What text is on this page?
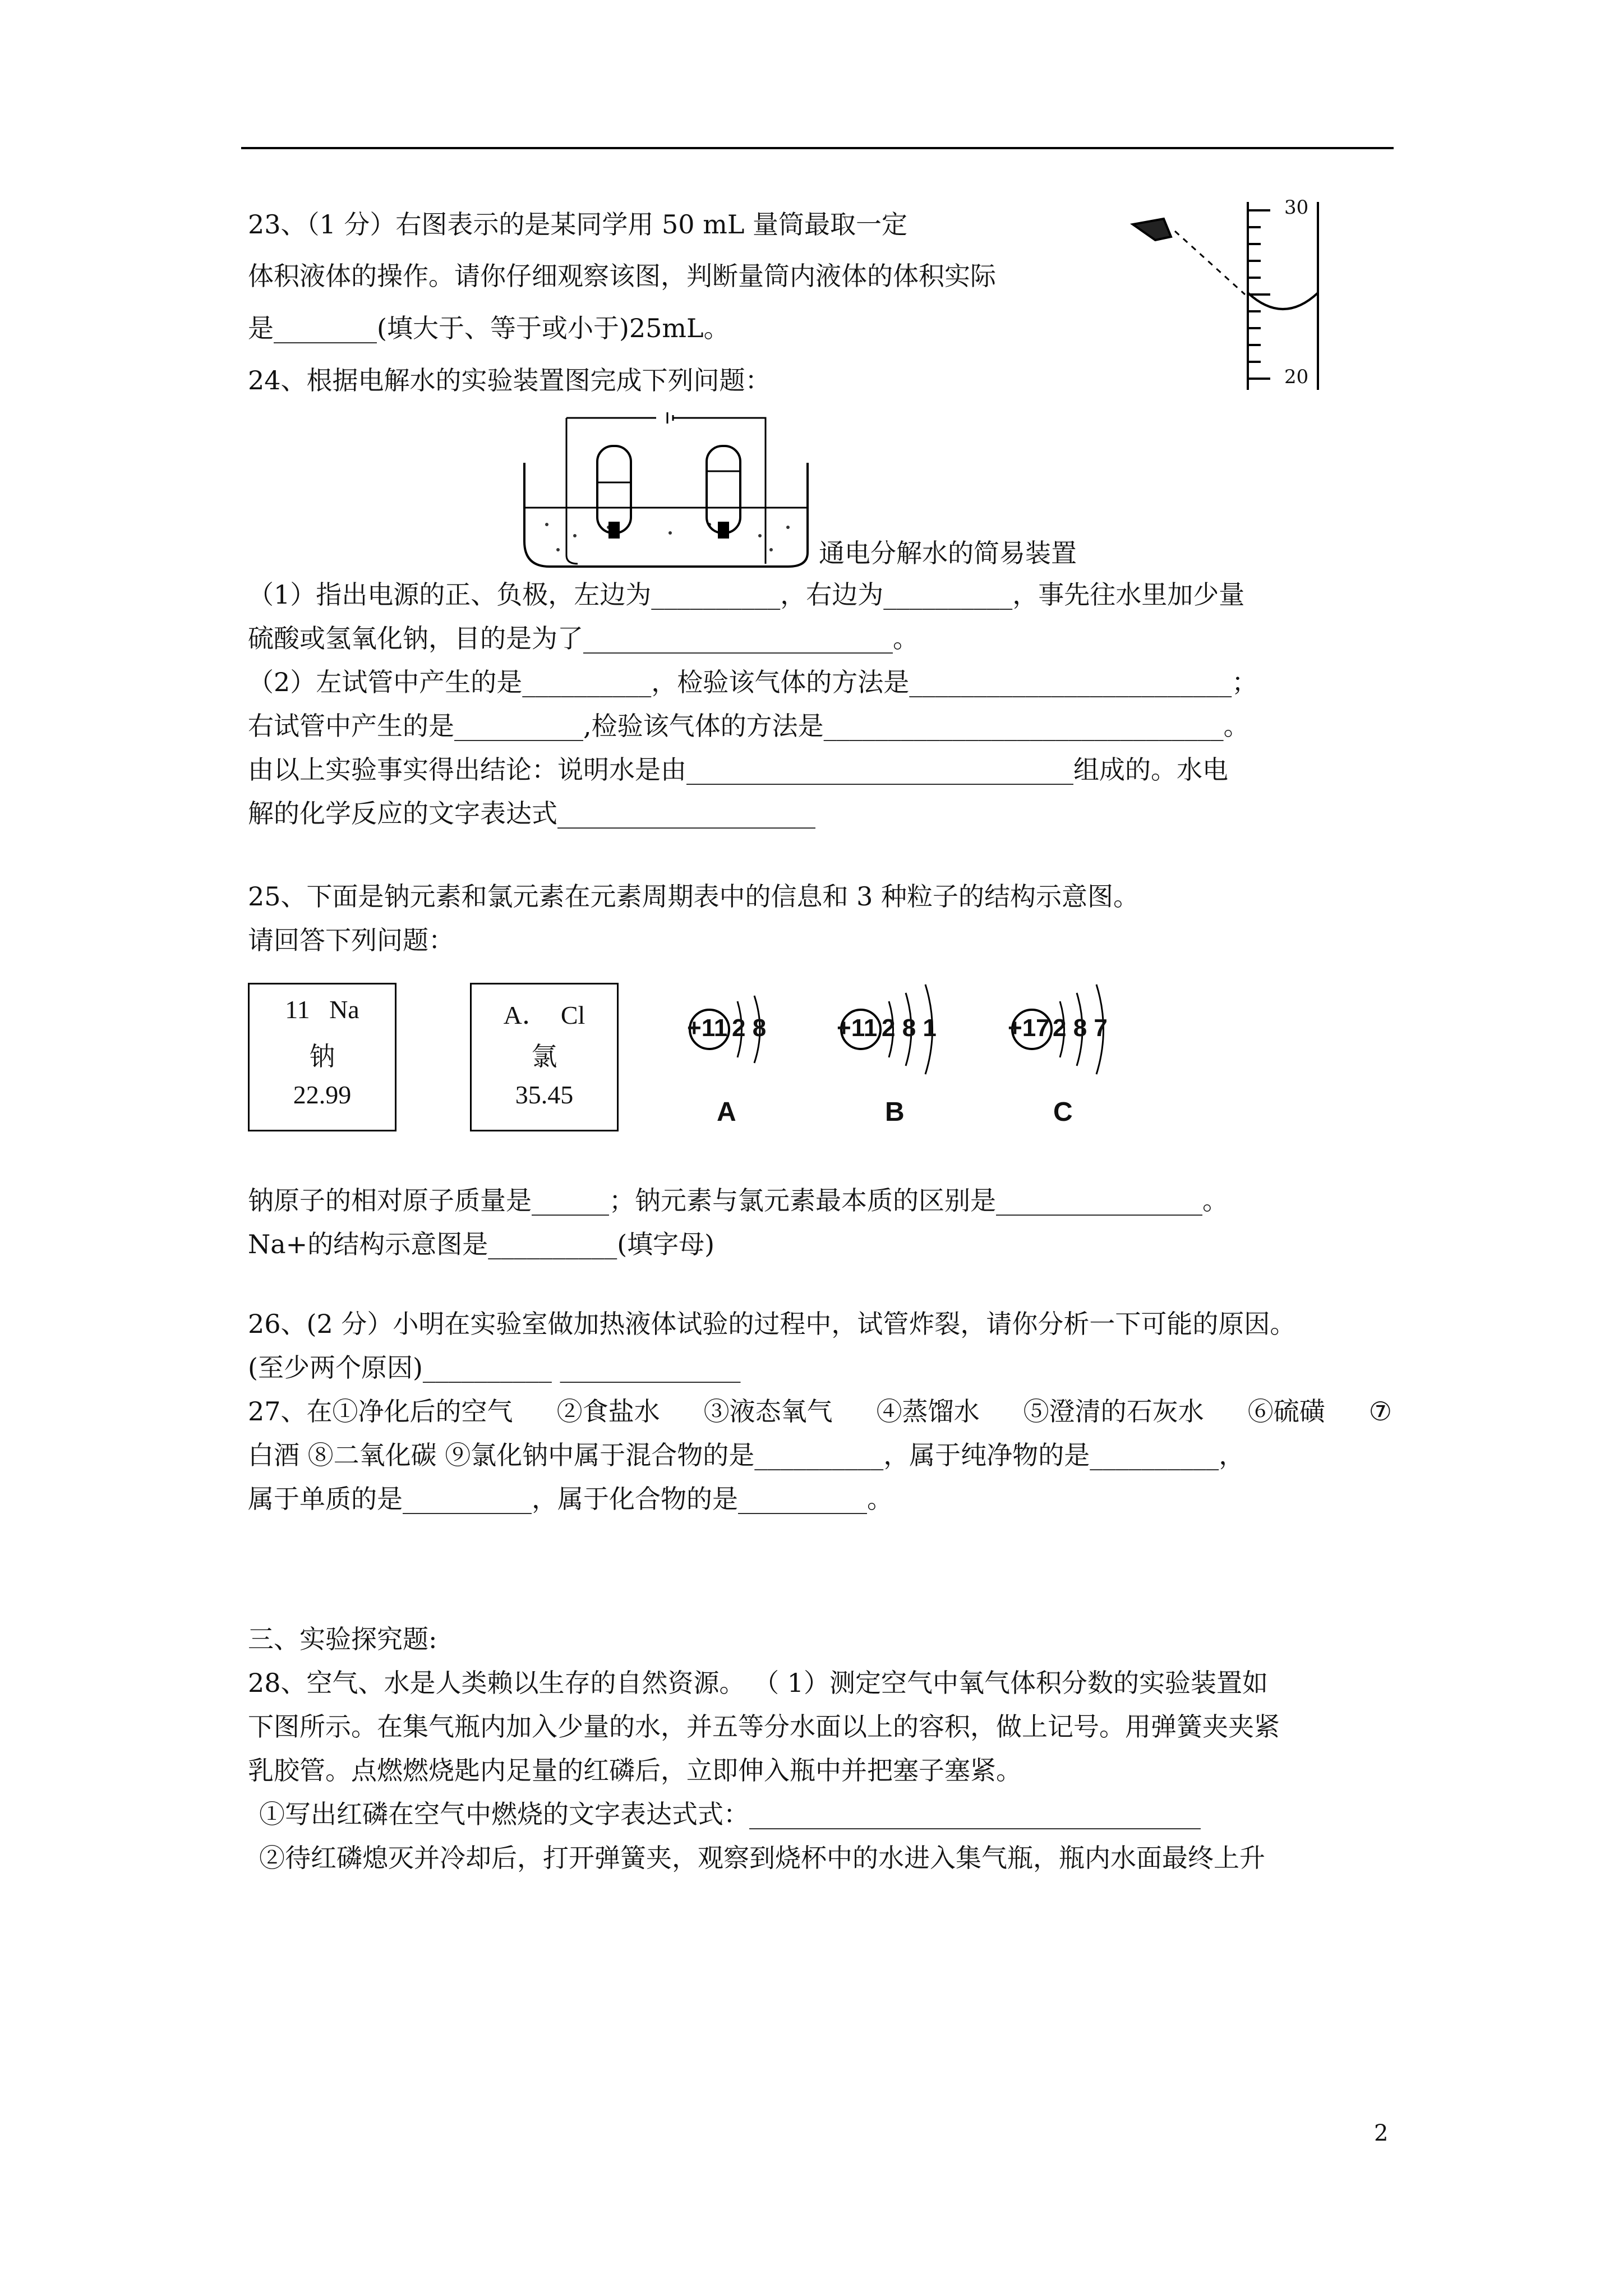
23、（1 分）右图表示的是某同学用 50 mL 量筒最取一定
体积液体的操作。请你仔细观察该图，判断量筒内液体的体积实际
是________(填大于、等于或小于)25mL。
30
20
24、根据电解水的实验装置图完成下列问题：
通电分解水的简易装置
（1）指出电源的正、负极，左边为__________，右边为__________，事先往水里加少量
硫酸或氢氧化钠，目的是为了________________________。
（2）左试管中产生的是__________，检验该气体的方法是_________________________；
右试管中产生的是__________,检验该气体的方法是_______________________________。
由以上实验事实得出结论：说明水是由______________________________组成的。水电
解的化学反应的文字表达式____________________
25、下面是钠元素和氯元素在元素周期表中的信息和 3 种粒子的结构示意图。
请回答下列问题：
11 Na
钠
22.99
A． Cl
氯
35.45
+11 2 8
A
+11 2 8 1
B
+17 2 8 7
C
钠原子的相对原子质量是______；钠元素与氯元素最本质的区别是________________。
Na+的结构示意图是__________(填字母)
26、(2 分）小明在实验室做加热液体试验的过程中，试管炸裂，请你分析一下可能的原因。
(至少两个原因)__________ ______________
27、在①净化后的空气 ②食盐水 ③液态氧气 ④蒸馏水 ⑤澄清的石灰水 ⑥硫磺 ⑦
白酒 ⑧二氧化碳 ⑨氯化钠中属于混合物的是__________，属于纯净物的是__________，
属于单质的是__________，属于化合物的是__________。
三、实验探究题:
28、空气、水是人类赖以生存的自然资源。 （ 1）测定空气中氧气体积分数的实验装置如
下图所示。在集气瓶内加入少量的水，并五等分水面以上的容积，做上记号。用弹簧夹夹紧
乳胶管。点燃燃烧匙内足量的红磷后，立即伸入瓶中并把塞子塞紧。
①写出红磷在空气中燃烧的文字表达式式：___________________________________
②待红磷熄灭并冷却后，打开弹簧夹，观察到烧杯中的水进入集气瓶，瓶内水面最终上升
2
